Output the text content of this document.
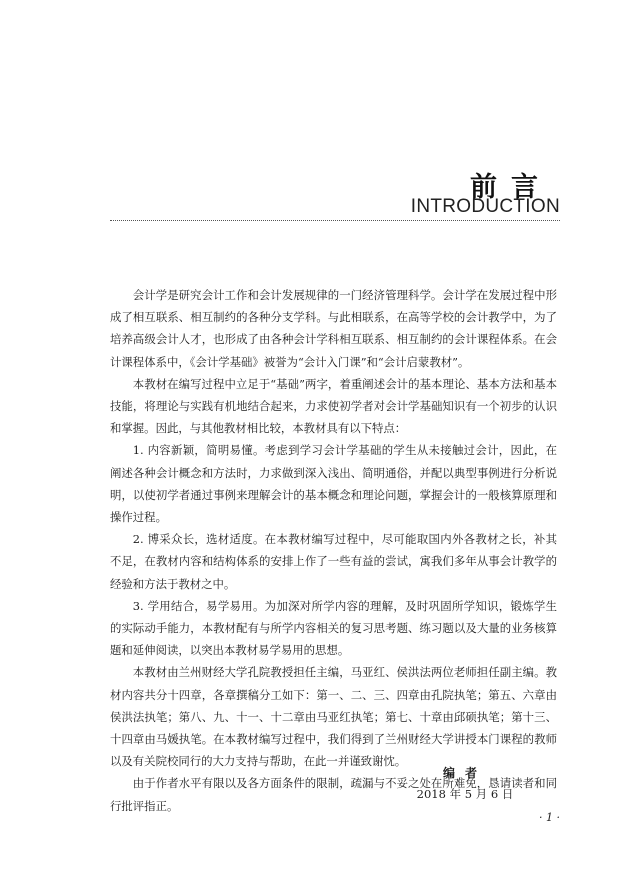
前言
INTRODUCTION

会计学是研究会计工作和会计发展规律的一门经济管理科学。会计学在发展过程中形成了相互联系、相互制约的各种分支学科。与此相联系，在高等学校的会计教学中，为了培养高级会计人才，也形成了由各种会计学科相互联系、相互制约的会计课程体系。在会计课程体系中，《会计学基础》被誉为“会计入门课”和“会计启蒙教材”。

本教材在编写过程中立足于“基础”两字，着重阐述会计的基本理论、基本方法和基本技能，将理论与实践有机地结合起来，力求使初学者对会计学基础知识有一个初步的认识和掌握。因此，与其他教材相比较，本教材具有以下特点：

1. 内容新颖，简明易懂。考虑到学习会计学基础的学生从未接触过会计，因此，在阐述各种会计概念和方法时，力求做到深入浅出、简明通俗，并配以典型事例进行分析说明，以使初学者通过事例来理解会计的基本概念和理论问题，掌握会计的一般核算原理和操作过程。

2. 博采众长，选材适度。在本教材编写过程中，尽可能取国内外各教材之长，补其不足，在教材内容和结构体系的安排上作了一些有益的尝试，寓我们多年从事会计教学的经验和方法于教材之中。

3. 学用结合，易学易用。为加深对所学内容的理解，及时巩固所学知识，锻炼学生的实际动手能力，本教材配有与所学内容相关的复习思考题、练习题以及大量的业务核算题和延伸阅读，以突出本教材易学易用的思想。

本教材由兰州财经大学孔院教授担任主编，马亚红、侯洪法两位老师担任副主编。教材内容共分十四章，各章撰稿分工如下：第一、二、三、四章由孔院执笔；第五、六章由侯洪法执笔；第八、九、十一、十二章由马亚红执笔；第七、十章由邱硕执笔；第十三、十四章由马媛执笔。在本教材编写过程中，我们得到了兰州财经大学讲授本门课程的教师以及有关院校同行的大力支持与帮助，在此一并谨致谢忱。

由于作者水平有限以及各方面条件的限制，疏漏与不妥之处在所难免，恳请读者和同行批评指正。

编者
2018 年 5 月 6 日
· 1 ·
